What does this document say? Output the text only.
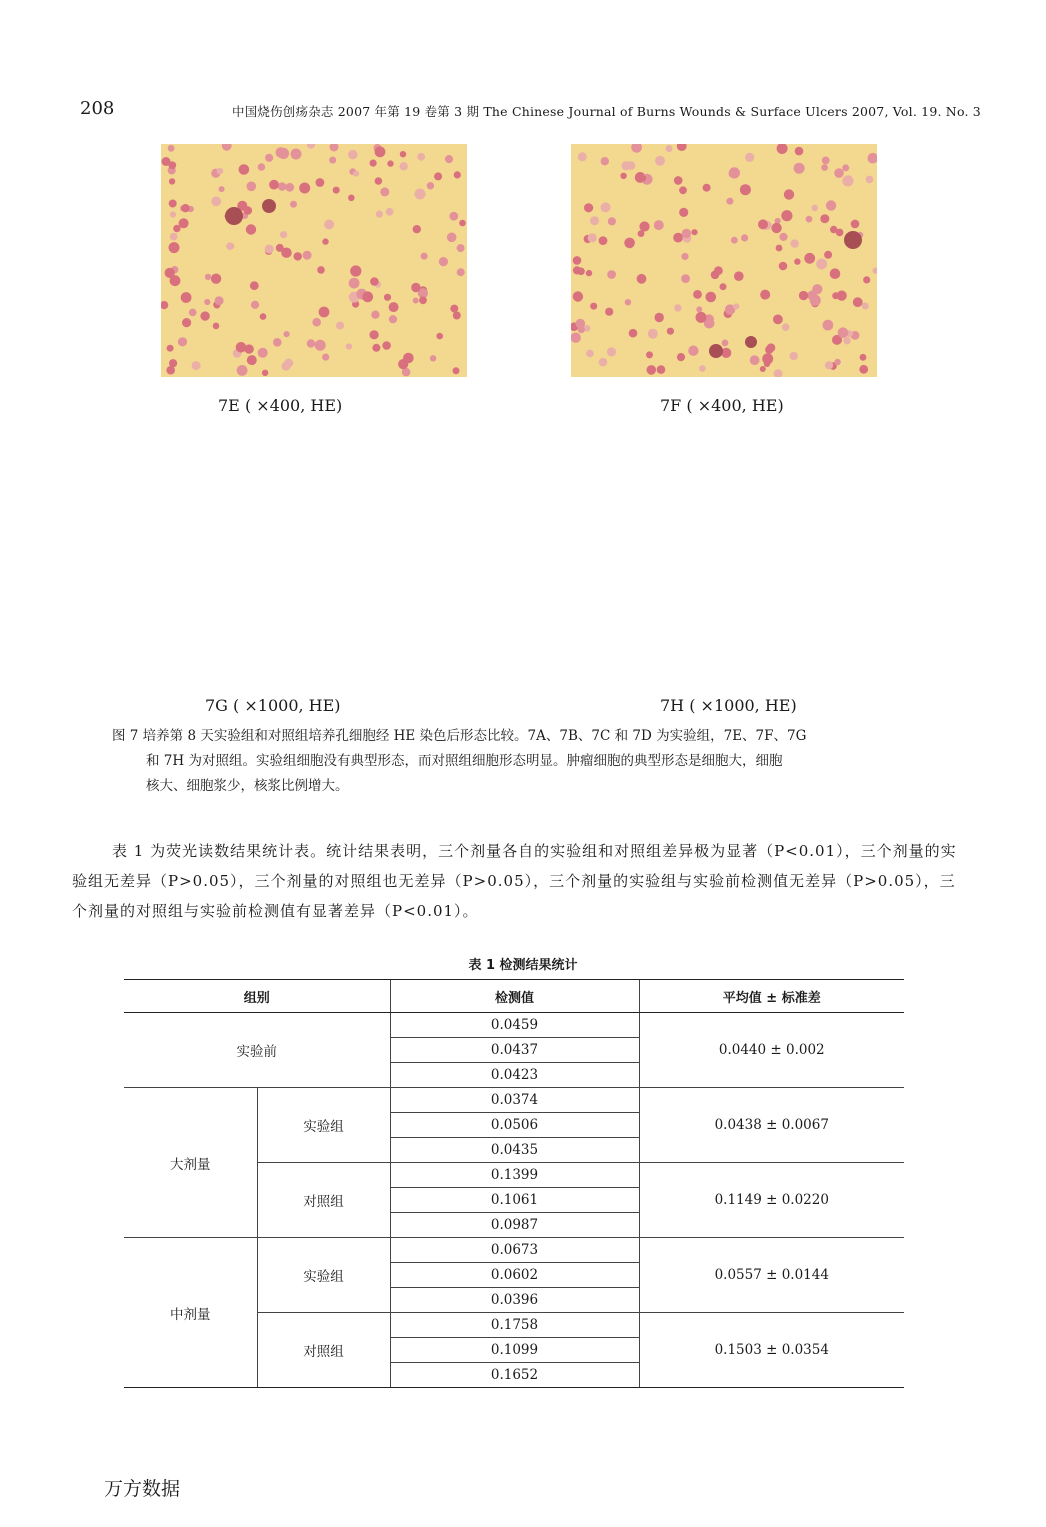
208	中国烧伤创疡杂志 2007 年第 19 卷第 3 期 The Chinese Journal of Burns Wounds & Surface Ulcers 2007, Vol. 19. No. 3
7E ( ×400, HE)	7F ( ×400, HE)
7G ( ×1000, HE)	7H ( ×1000, HE)
图 7 培养第 8 天实验组和对照组培养孔细胞经 HE 染色后形态比较。7A、7B、7C 和 7D 为实验组，7E、7F、7G
和 7H 为对照组。实验组细胞没有典型形态，而对照组细胞形态明显。肿瘤细胞的典型形态是细胞大，细胞
核大、细胞浆少，核浆比例增大。
表 1 为荧光读数结果统计表。统计结果表明，三个剂量各自的实验组和对照组差异极为显著（P<0.01），三个剂量的实验组无差异（P>0.05），三个剂量的对照组也无差异（P>0.05），三个剂量的实验组与实验前检测值无差异（P>0.05），三个剂量的对照组与实验前检测值有显著差异（P<0.01）。
表 1 检测结果统计
组别		检测值	平均值 ± 标准差
实验前		0.0459	0.0440 ± 0.002
		0.0437	
		0.0423	
大剂量	实验组	0.0374	0.0438 ± 0.0067
		0.0506	
		0.0435	
	对照组	0.1399	0.1149 ± 0.0220
		0.1061	
		0.0987	
中剂量	实验组	0.0673	0.0557 ± 0.0144
		0.0602	
		0.0396	
	对照组	0.1758	0.1503 ± 0.0354
		0.1099	
		0.1652	
万方数据
